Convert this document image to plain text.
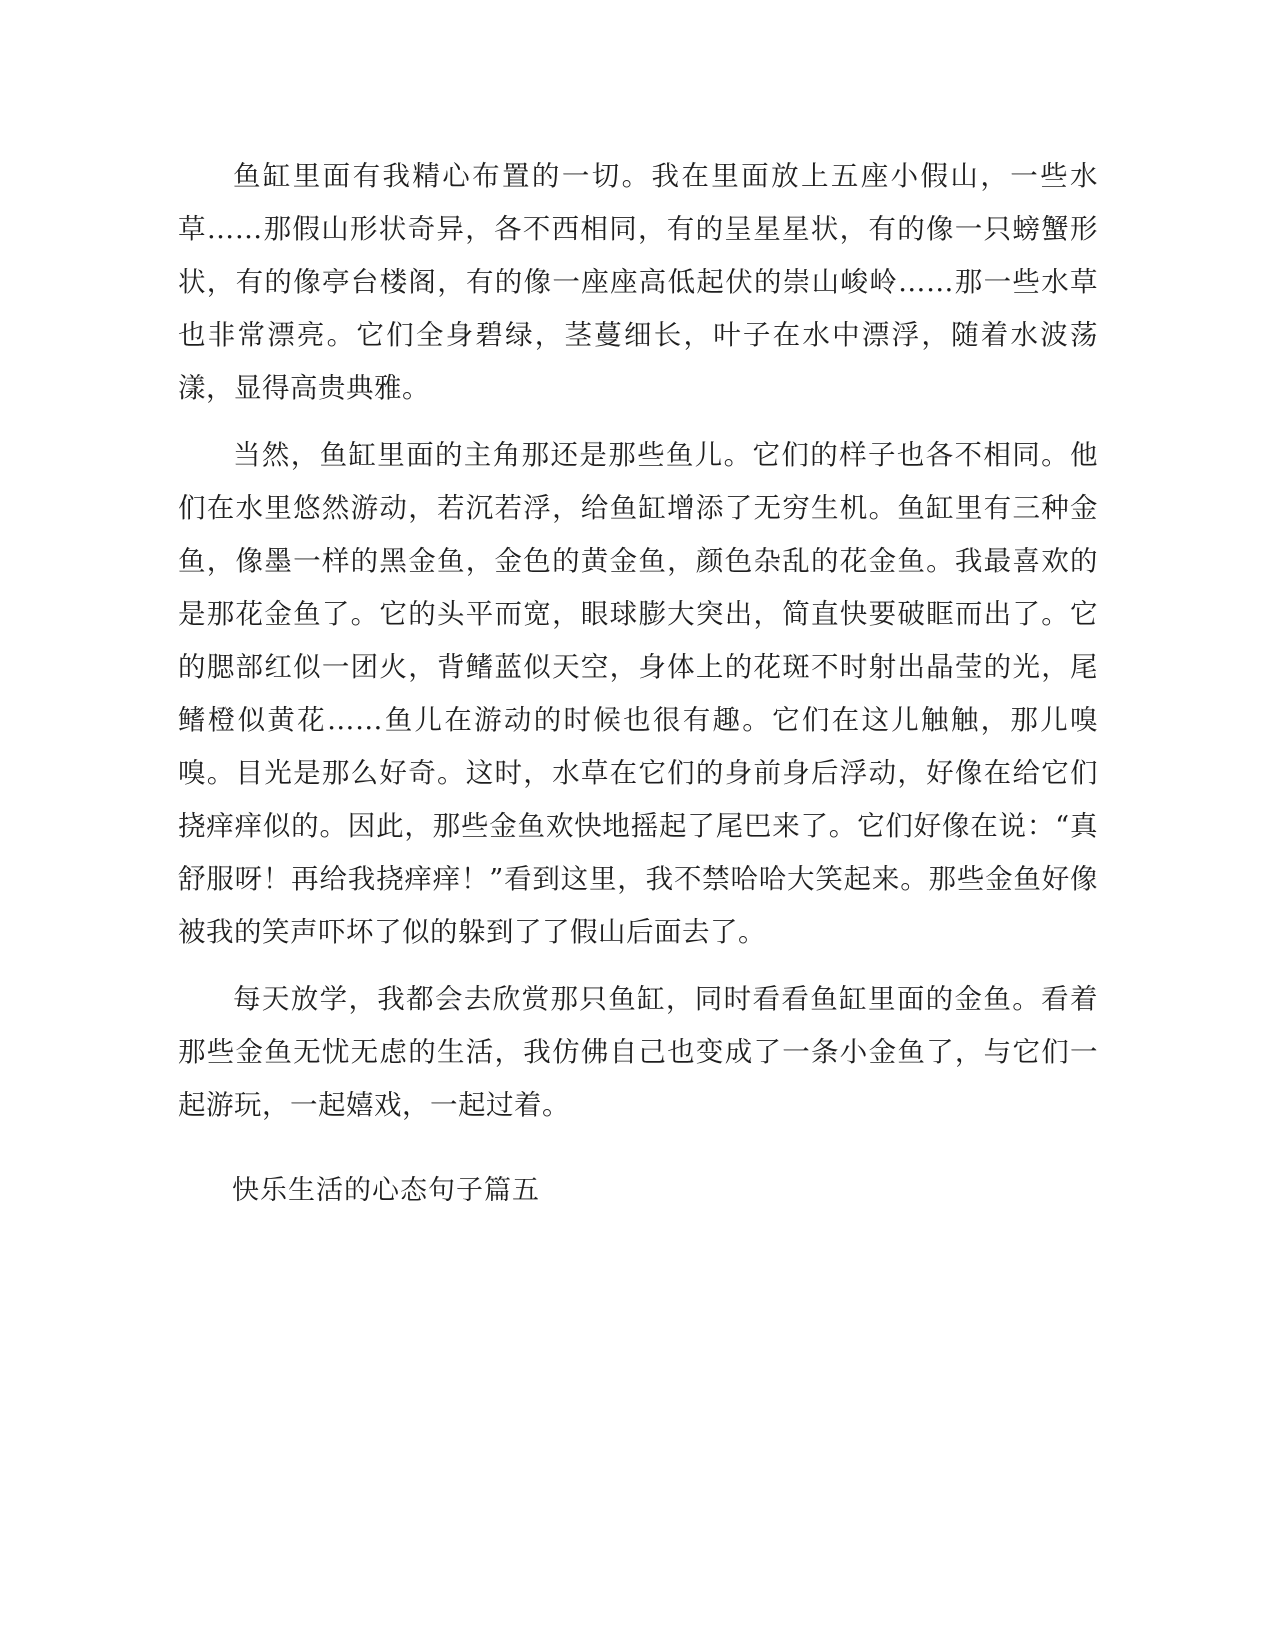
鱼缸里面有我精心布置的一切。我在里面放上五座小假山，一些水草……那假山形状奇异，各不西相同，有的呈星星状，有的像一只螃蟹形状，有的像亭台楼阁，有的像一座座高低起伏的崇山峻岭……那一些水草也非常漂亮。它们全身碧绿，茎蔓细长，叶子在水中漂浮，随着水波荡漾，显得高贵典雅。

当然，鱼缸里面的主角那还是那些鱼儿。它们的样子也各不相同。他们在水里悠然游动，若沉若浮，给鱼缸增添了无穷生机。鱼缸里有三种金鱼，像墨一样的黑金鱼，金色的黄金鱼，颜色杂乱的花金鱼。我最喜欢的是那花金鱼了。它的头平而宽，眼球膨大突出，简直快要破眶而出了。它的腮部红似一团火，背鳍蓝似天空，身体上的花斑不时射出晶莹的光，尾鳍橙似黄花……鱼儿在游动的时候也很有趣。它们在这儿触触，那儿嗅嗅。目光是那么好奇。这时，水草在它们的身前身后浮动，好像在给它们挠痒痒似的。因此，那些金鱼欢快地摇起了尾巴来了。它们好像在说：“真舒服呀！再给我挠痒痒！”看到这里，我不禁哈哈大笑起来。那些金鱼好像被我的笑声吓坏了似的躲到了了假山后面去了。

每天放学，我都会去欣赏那只鱼缸，同时看看鱼缸里面的金鱼。看着那些金鱼无忧无虑的生活，我仿佛自己也变成了一条小金鱼了，与它们一起游玩，一起嬉戏，一起过着。

快乐生活的心态句子篇五
